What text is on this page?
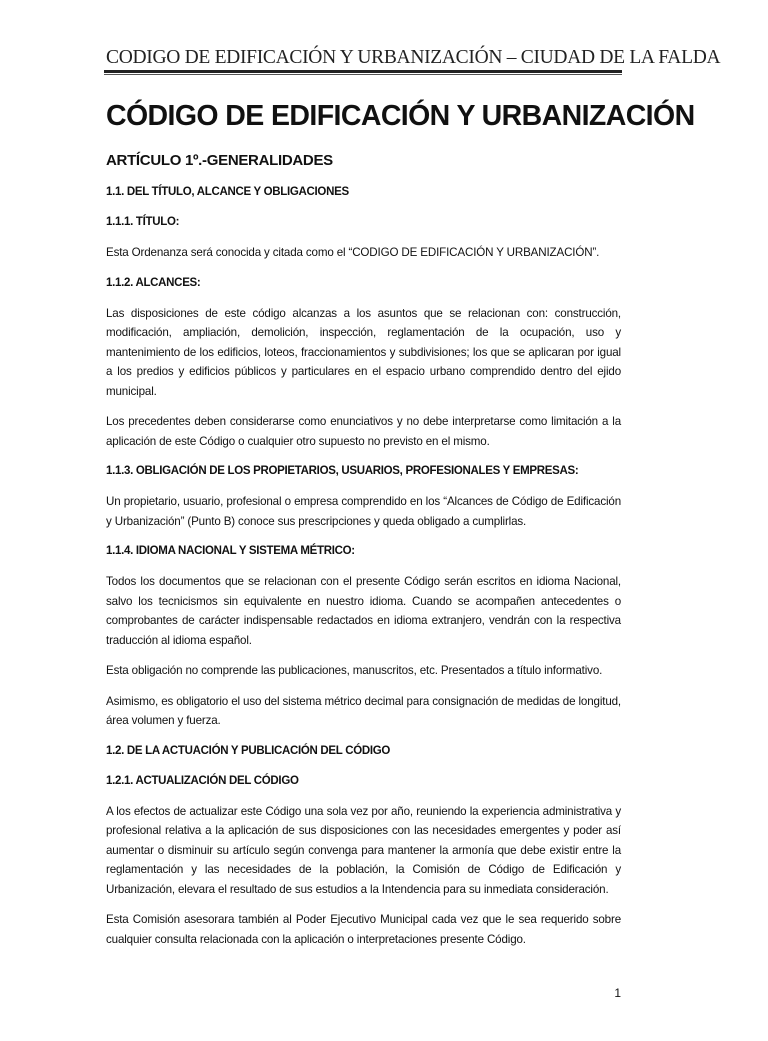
CODIGO DE EDIFICACIÓN Y URBANIZACIÓN – CIUDAD DE LA FALDA
CÓDIGO DE EDIFICACIÓN Y URBANIZACIÓN
ARTÍCULO 1º.-GENERALIDADES
1.1. DEL TÍTULO, ALCANCE Y OBLIGACIONES
1.1.1. TÍTULO:

Esta Ordenanza será conocida y citada como el “CODIGO DE EDIFICACIÓN Y URBANIZACIÓN”.

1.1.2. ALCANCES:

Las disposiciones de este código alcanzas a los asuntos que se relacionan con: construcción, modificación, ampliación, demolición, inspección, reglamentación de la ocupación, uso y mantenimiento de los edificios, loteos, fraccionamientos y subdivisiones; los que se aplicaran por igual a los predios y edificios públicos y particulares en el espacio urbano comprendido dentro del ejido municipal.

Los precedentes deben considerarse como enunciativos y no debe interpretarse como limitación a la aplicación de este Código o cualquier otro supuesto no previsto en el mismo.

1.1.3. OBLIGACIÓN DE LOS PROPIETARIOS, USUARIOS, PROFESIONALES Y EMPRESAS:

Un propietario, usuario, profesional o empresa comprendido en los “Alcances de Código de Edificación y Urbanización” (Punto B) conoce sus prescripciones y queda obligado a cumplirlas.

1.1.4. IDIOMA NACIONAL Y SISTEMA MÉTRICO:

Todos los documentos que se relacionan con el presente Código serán escritos en idioma Nacional, salvo los tecnicismos sin equivalente en nuestro idioma. Cuando se acompañen antecedentes o comprobantes de carácter indispensable redactados en idioma extranjero, vendrán con la respectiva traducción al idioma español.

Esta obligación no comprende las publicaciones, manuscritos, etc. Presentados a título informativo.

Asimismo, es obligatorio el uso del sistema métrico decimal para consignación de medidas de longitud, área volumen y fuerza.

1.2. DE LA ACTUACIÓN Y PUBLICACIÓN DEL CÓDIGO
1.2.1. ACTUALIZACIÓN DEL CÓDIGO

A los efectos de actualizar este Código una sola vez por año, reuniendo la experiencia administrativa y profesional relativa a la aplicación de sus disposiciones con las necesidades emergentes y poder así aumentar o disminuir su artículo según convenga para mantener la armonía que debe existir entre la reglamentación y las necesidades de la población, la Comisión de Código de Edificación y Urbanización, elevara el resultado de sus estudios a la Intendencia para su inmediata consideración.

Esta Comisión asesorara también al Poder Ejecutivo Municipal cada vez que le sea requerido sobre cualquier consulta relacionada con la aplicación o interpretaciones presente Código.

1
